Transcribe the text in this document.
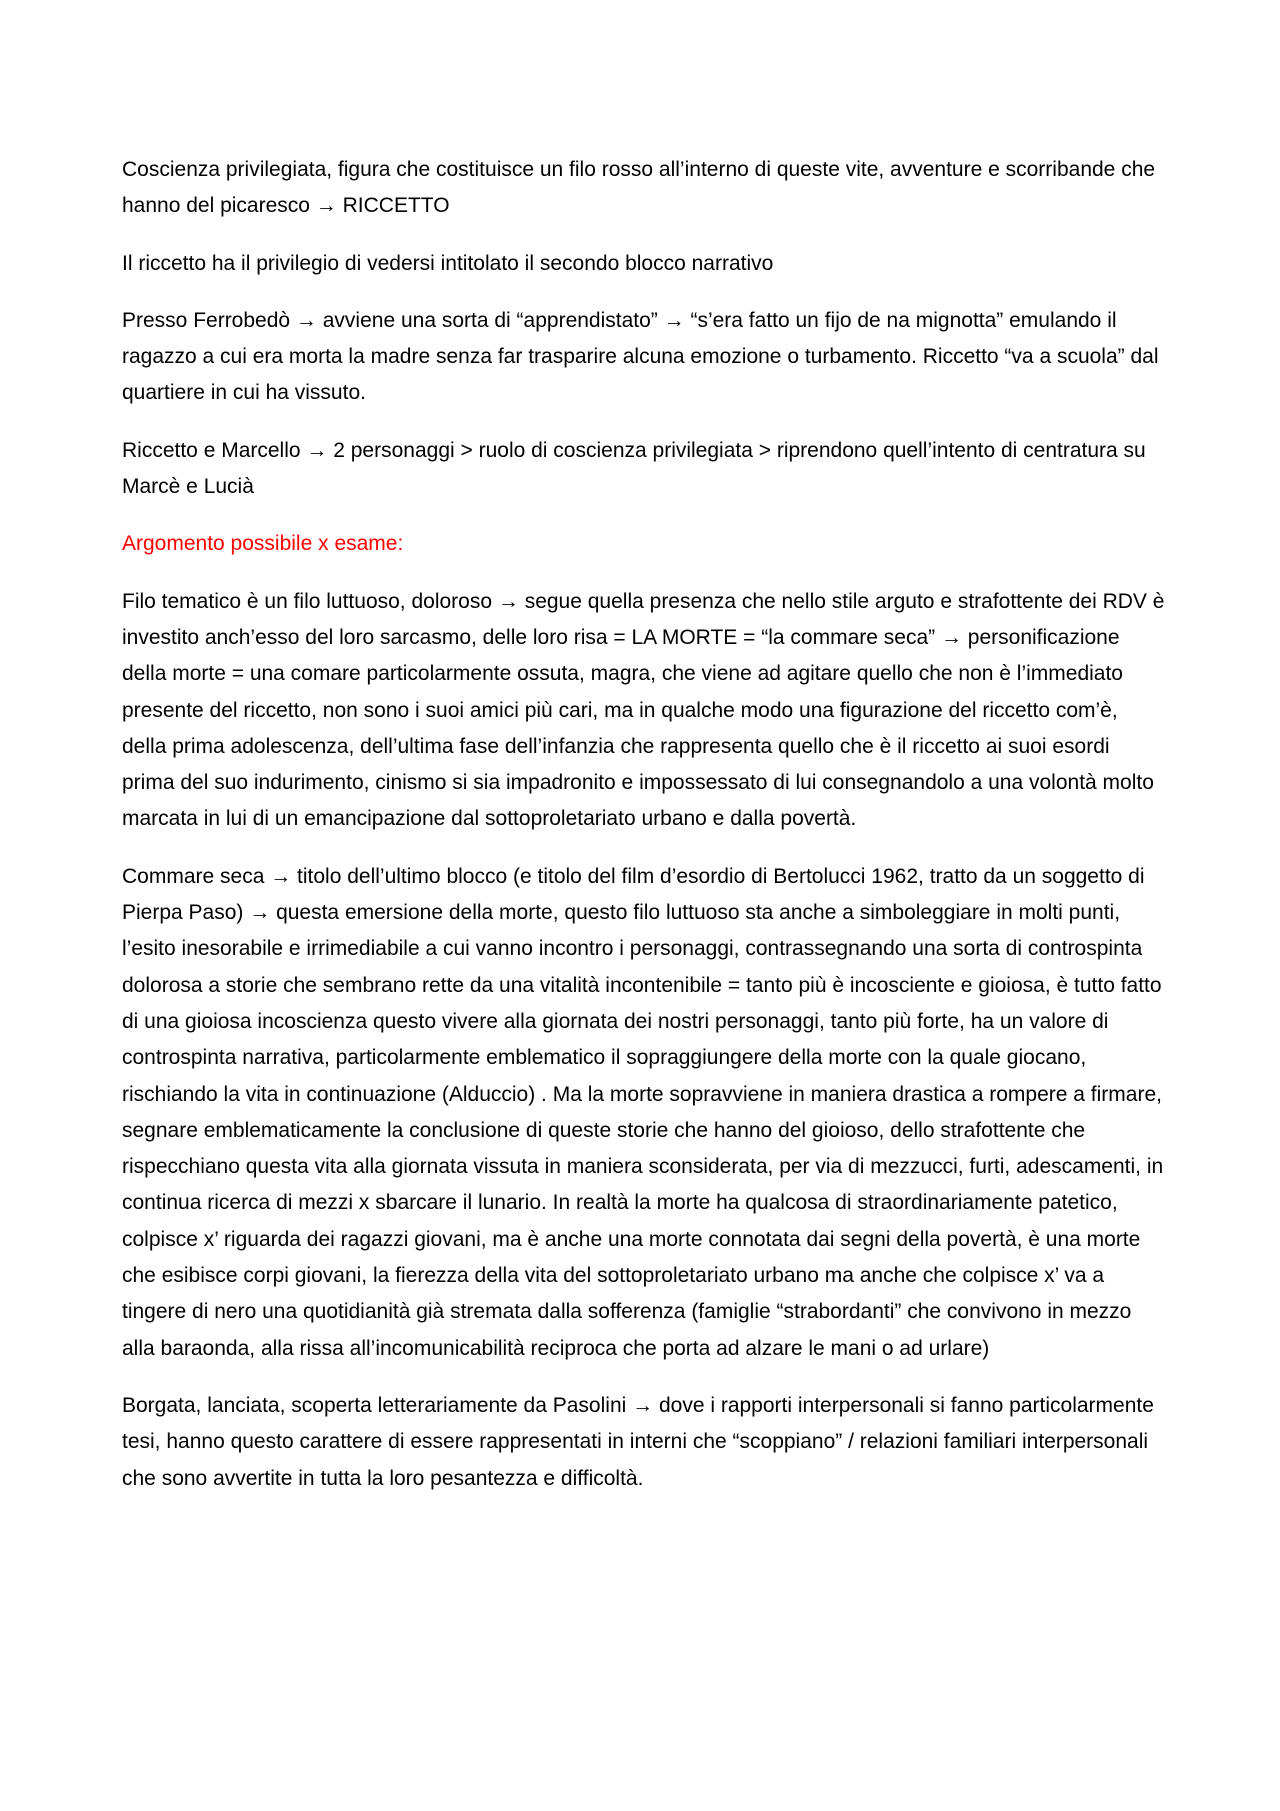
Coscienza privilegiata, figura che costituisce un filo rosso all’interno di queste vite, avventure e scorribande che hanno del picaresco → RICCETTO

Il riccetto ha il privilegio di vedersi intitolato il secondo blocco narrativo

Presso Ferrobedò → avviene una sorta di “apprendistato” → “s’era fatto un fijo de na mignotta” emulando il ragazzo a cui era morta la madre senza far trasparire alcuna emozione o turbamento. Riccetto “va a scuola” dal quartiere in cui ha vissuto.

Riccetto e Marcello → 2 personaggi > ruolo di coscienza privilegiata > riprendono quell’intento di centratura su Marcè e Lucià

Argomento possibile x esame:

Filo tematico è un filo luttuoso, doloroso → segue quella presenza che nello stile arguto e strafottente dei RDV è investito anch’esso del loro sarcasmo, delle loro risa = LA MORTE = “la commare seca” → personificazione della morte = una comare particolarmente ossuta, magra, che viene ad agitare quello che non è l’immediato presente del riccetto, non sono i suoi amici più cari, ma in qualche modo una figurazione del riccetto com’è, della prima adolescenza, dell’ultima fase dell’infanzia che rappresenta quello che è il riccetto ai suoi esordi prima del suo indurimento, cinismo si sia impadronito e impossessato di lui consegnandolo a una volontà molto marcata in lui di un emancipazione dal sottoproletariato urbano e dalla povertà.

Commare seca → titolo dell’ultimo blocco (e titolo del film d’esordio di Bertolucci 1962, tratto da un soggetto di Pierpa Paso) → questa emersione della morte, questo filo luttuoso sta anche a simboleggiare in molti punti, l’esito inesorabile e irrimediabile a cui vanno incontro i personaggi, contrassegnando una sorta di controspinta dolorosa a storie che sembrano rette da una vitalità incontenibile = tanto più è incosciente e gioiosa, è tutto fatto di una gioiosa incoscienza questo vivere alla giornata dei nostri personaggi, tanto più forte, ha un valore di controspinta narrativa, particolarmente emblematico il sopraggiungere della morte con la quale giocano, rischiando la vita in continuazione (Alduccio) . Ma la morte sopravviene in maniera drastica a rompere a firmare, segnare emblematicamente la conclusione di queste storie che hanno del gioioso, dello strafottente che rispecchiano questa vita alla giornata vissuta in maniera sconsiderata, per via di mezzucci, furti, adescamenti, in continua ricerca di mezzi x sbarcare il lunario. In realtà la morte ha qualcosa di straordinariamente patetico, colpisce x’ riguarda dei ragazzi giovani, ma è anche una morte connotata dai segni della povertà, è una morte che esibisce corpi giovani, la fierezza della vita del sottoproletariato urbano ma anche che colpisce x’ va a tingere di nero una quotidianità già stremata dalla sofferenza (famiglie “strabordanti” che convivono in mezzo alla baraonda, alla rissa all’incomunicabilità reciproca che porta ad alzare le mani o ad urlare)

Borgata, lanciata, scoperta letterariamente da Pasolini → dove i rapporti interpersonali si fanno particolarmente tesi, hanno questo carattere di essere rappresentati in interni che “scoppiano” / relazioni familiari interpersonali che sono avvertite in tutta la loro pesantezza e difficoltà.
